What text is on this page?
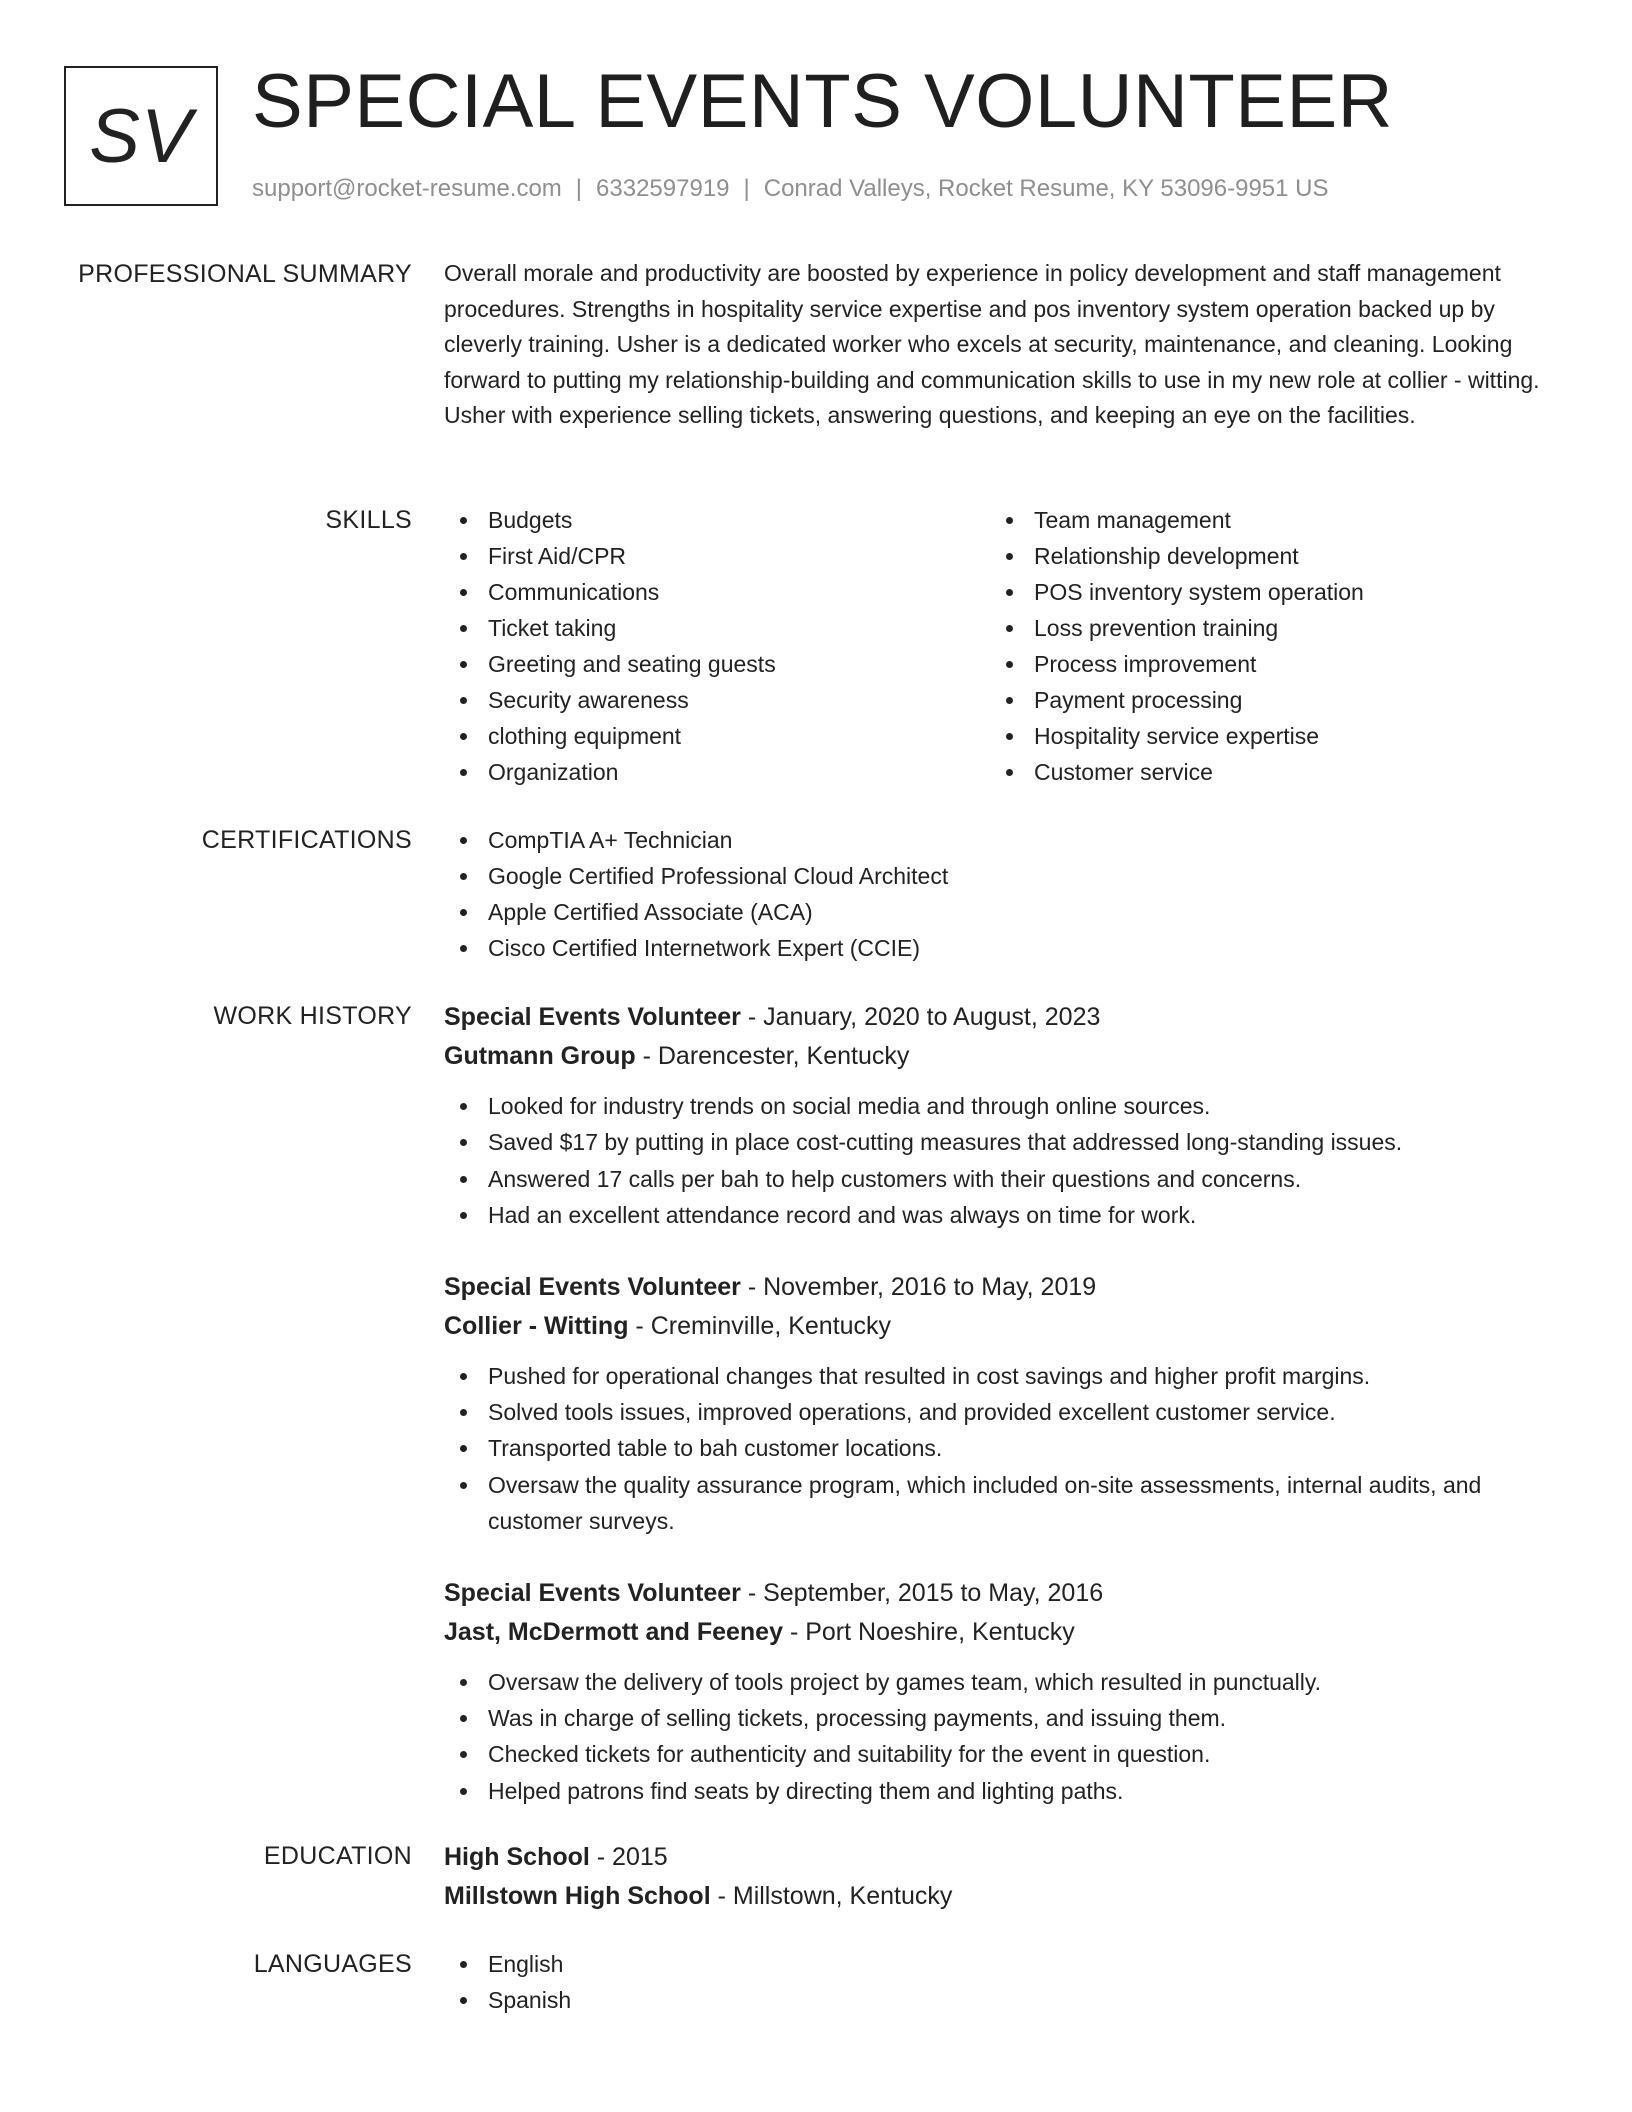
SV SPECIAL EVENTS VOLUNTEER
support@rocket-resume.com | 6332597919 | Conrad Valleys, Rocket Resume, KY 53096-9951 US
PROFESSIONAL SUMMARY Overall morale and productivity are boosted by experience in policy development and staff management procedures. Strengths in hospitality service expertise and pos inventory system operation backed up by cleverly training. Usher is a dedicated worker who excels at security, maintenance, and cleaning. Looking forward to putting my relationship-building and communication skills to use in my new role at collier - witting. Usher with experience selling tickets, answering questions, and keeping an eye on the facilities.

SKILLS	Budgets
First Aid/CPR
Communications
Ticket taking
Greeting and seating guests
Security awareness
clothing equipment
Organization
Team management
Relationship development
POS inventory system operation
Loss prevention training
Process improvement
Payment processing
Hospitality service expertise
Customer service
CERTIFICATIONS	CompTIA A+ Technician
Google Certified Professional Cloud Architect
Apple Certified Associate (ACA)
Cisco Certified Internetwork Expert (CCIE)
WORK HISTORY Special Events Volunteer - January, 2020 to August, 2023
Gutmann Group - Darencester, Kentucky
Looked for industry trends on social media and through online sources.
Saved $17 by putting in place cost-cutting measures that addressed long-standing issues.
Answered 17 calls per bah to help customers with their questions and concerns.
Had an excellent attendance record and was always on time for work.
Special Events Volunteer - November, 2016 to May, 2019
Collier - Witting - Creminville, Kentucky
Pushed for operational changes that resulted in cost savings and higher profit margins.
Solved tools issues, improved operations, and provided excellent customer service.
Transported table to bah customer locations.
Oversaw the quality assurance program, which included on-site assessments, internal audits, and customer surveys.
Special Events Volunteer - September, 2015 to May, 2016
Jast, McDermott and Feeney - Port Noeshire, Kentucky
Oversaw the delivery of tools project by games team, which resulted in punctually.
Was in charge of selling tickets, processing payments, and issuing them.
Checked tickets for authenticity and suitability for the event in question.
Helped patrons find seats by directing them and lighting paths.
EDUCATION High School - 2015
Millstown High School - Millstown, Kentucky
LANGUAGES	English
Spanish
